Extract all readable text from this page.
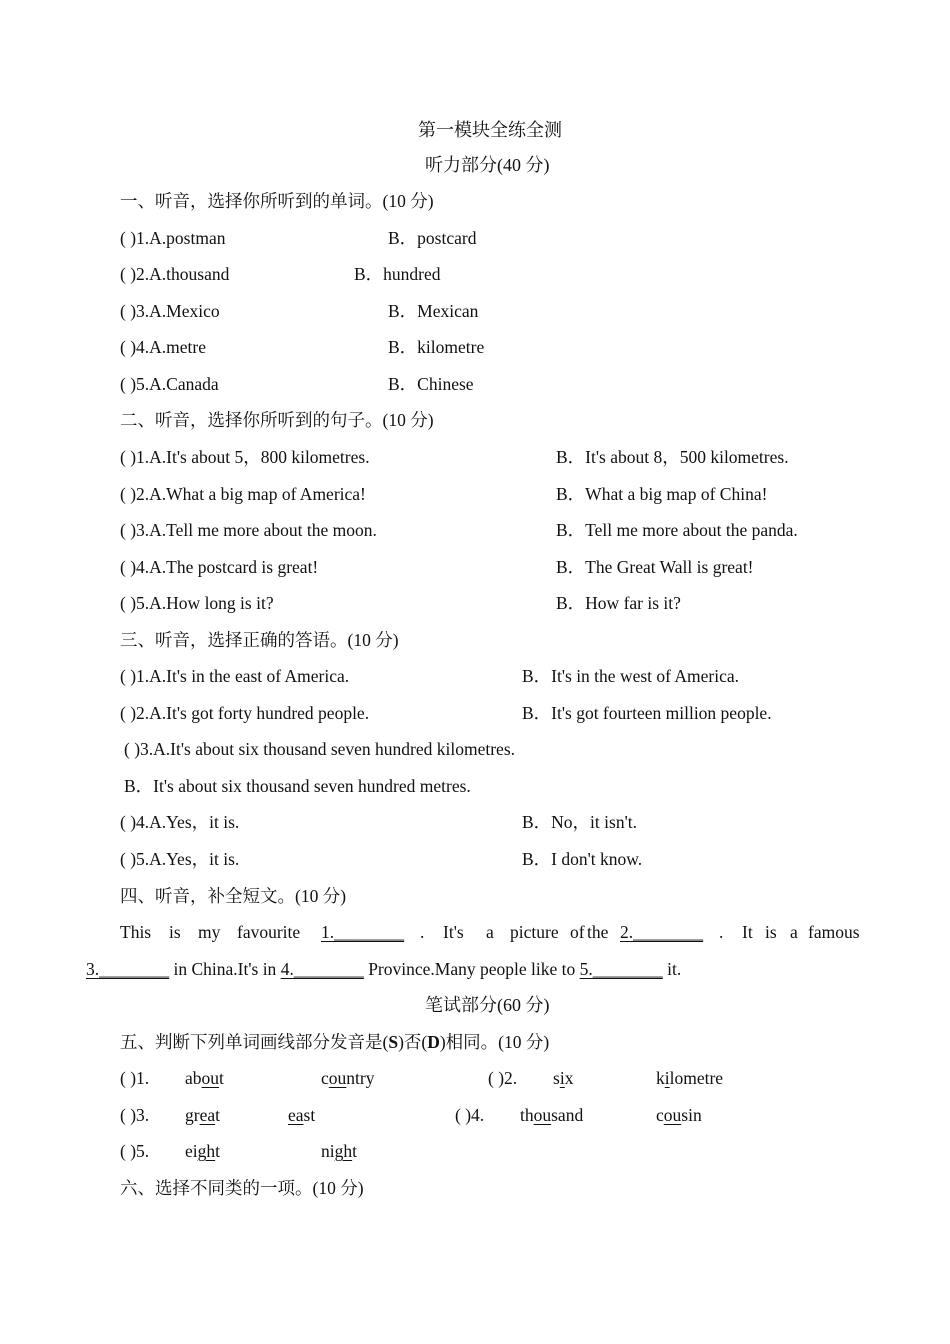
第一模块全练全测
听力部分(40 分)
一、听音，选择你所听到的单词。(10 分)
( )1.A.postman	B．postcard
( )2.A.thousand	B．hundred
( )3.A.Mexico	B．Mexican
( )4.A.metre	B．kilometre
( )5.A.Canada	B．Chinese
二、听音，选择你所听到的句子。(10 分)
( )1.A.It's about 5，800 kilometres.	B．It's about 8，500 kilometres.
( )2.A.What a big map of America!	B．What a big map of China!
( )3.A.Tell me more about the moon.	B．Tell me more about the panda.
( )4.A.The postcard is great!	B．The Great Wall is great!
( )5.A.How long is it?	B．How far is it?
三、听音，选择正确的答语。(10 分)
( )1.A.It's in the east of America.	B．It's in the west of America.
( )2.A.It's got forty hundred people.	B．It's got fourteen million people.
( )3.A.It's about six thousand seven hundred kilometres.
B．It's about six thousand seven hundred metres.
( )4.A.Yes，it is.	B．No，it isn't.
( )5.A.Yes，it is.	B．I don't know.
四、听音，补全短文。(10 分)
This is my favourite 1.________ . It's a picture of the 2.________ . It is a famous
3.________ in China.It's in 4.________ Province.Many people like to 5.________ it.
笔试部分(60 分)
五、判断下列单词画线部分发音是(S)否(D)相同。(10 分)
( )1. about	country	( )2. six	kilometre
( )3. great	east	( )4. thousand	cousin
( )5. eight	night
六、选择不同类的一项。(10 分)
